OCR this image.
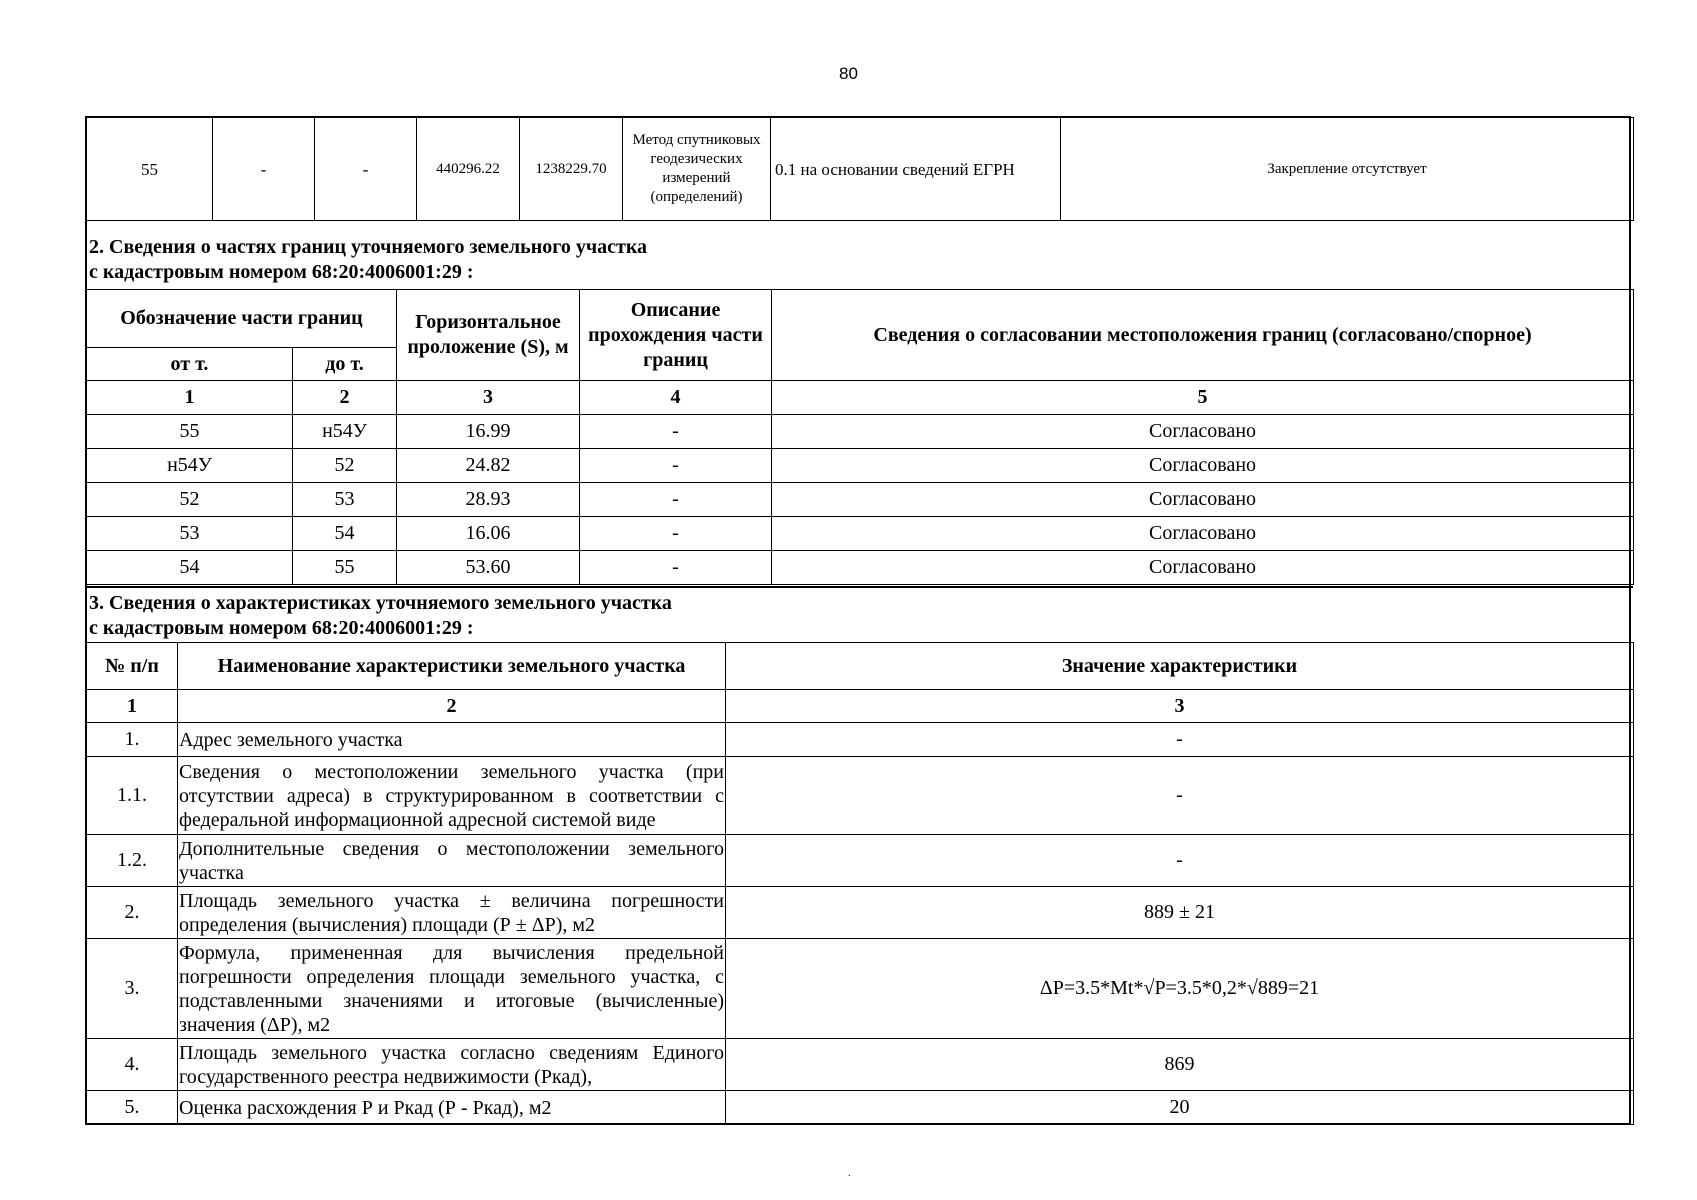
80
55	-	-	440296.22	1238229.70	Метод спутниковых геодезических измерений (определений)	0.1 на основании сведений ЕГРН	Закрепление отсутствует
2. Сведения о частях границ уточняемого земельного участка
с кадастровым номером 68:20:4006001:29 :
Обозначение части границ		Горизонтальное проложение (S), м	Описание прохождения части границ	Сведения о согласовании местоположения границ (согласовано/спорное)
от т.	до т.			
1	2	3	4	5
55	н54У	16.99	-	Согласовано
н54У	52	24.82	-	Согласовано
52	53	28.93	-	Согласовано
53	54	16.06	-	Согласовано
54	55	53.60	-	Согласовано
3. Сведения о характеристиках уточняемого земельного участка
с кадастровым номером 68:20:4006001:29 :
№ п/п	Наименование характеристики земельного участка	Значение характеристики
1	2	3
1.	Адрес земельного участка	-
1.1.	Сведения о местоположении земельного участка (при отсутствии адреса) в структурированном в соответствии с федеральной информационной адресной системой виде	-
1.2.	Дополнительные сведения о местоположении земельного участка	-
2.	Площадь земельного участка ± величина погрешности определения (вычисления) площади (Р ± ΔР), м2	889 ± 21
3.	Формула, примененная для вычисления предельной погрешности определения площади земельного участка, с подставленными значениями и итоговые (вычисленные) значения (ΔР), м2	ΔP=3.5*Mt*√P=3.5*0,2*√889=21
4.	Площадь земельного участка согласно сведениям Единого государственного реестра недвижимости (Ркад),	869
5.	Оценка расхождения Р и Ркад (Р - Ркад), м2	20
.
